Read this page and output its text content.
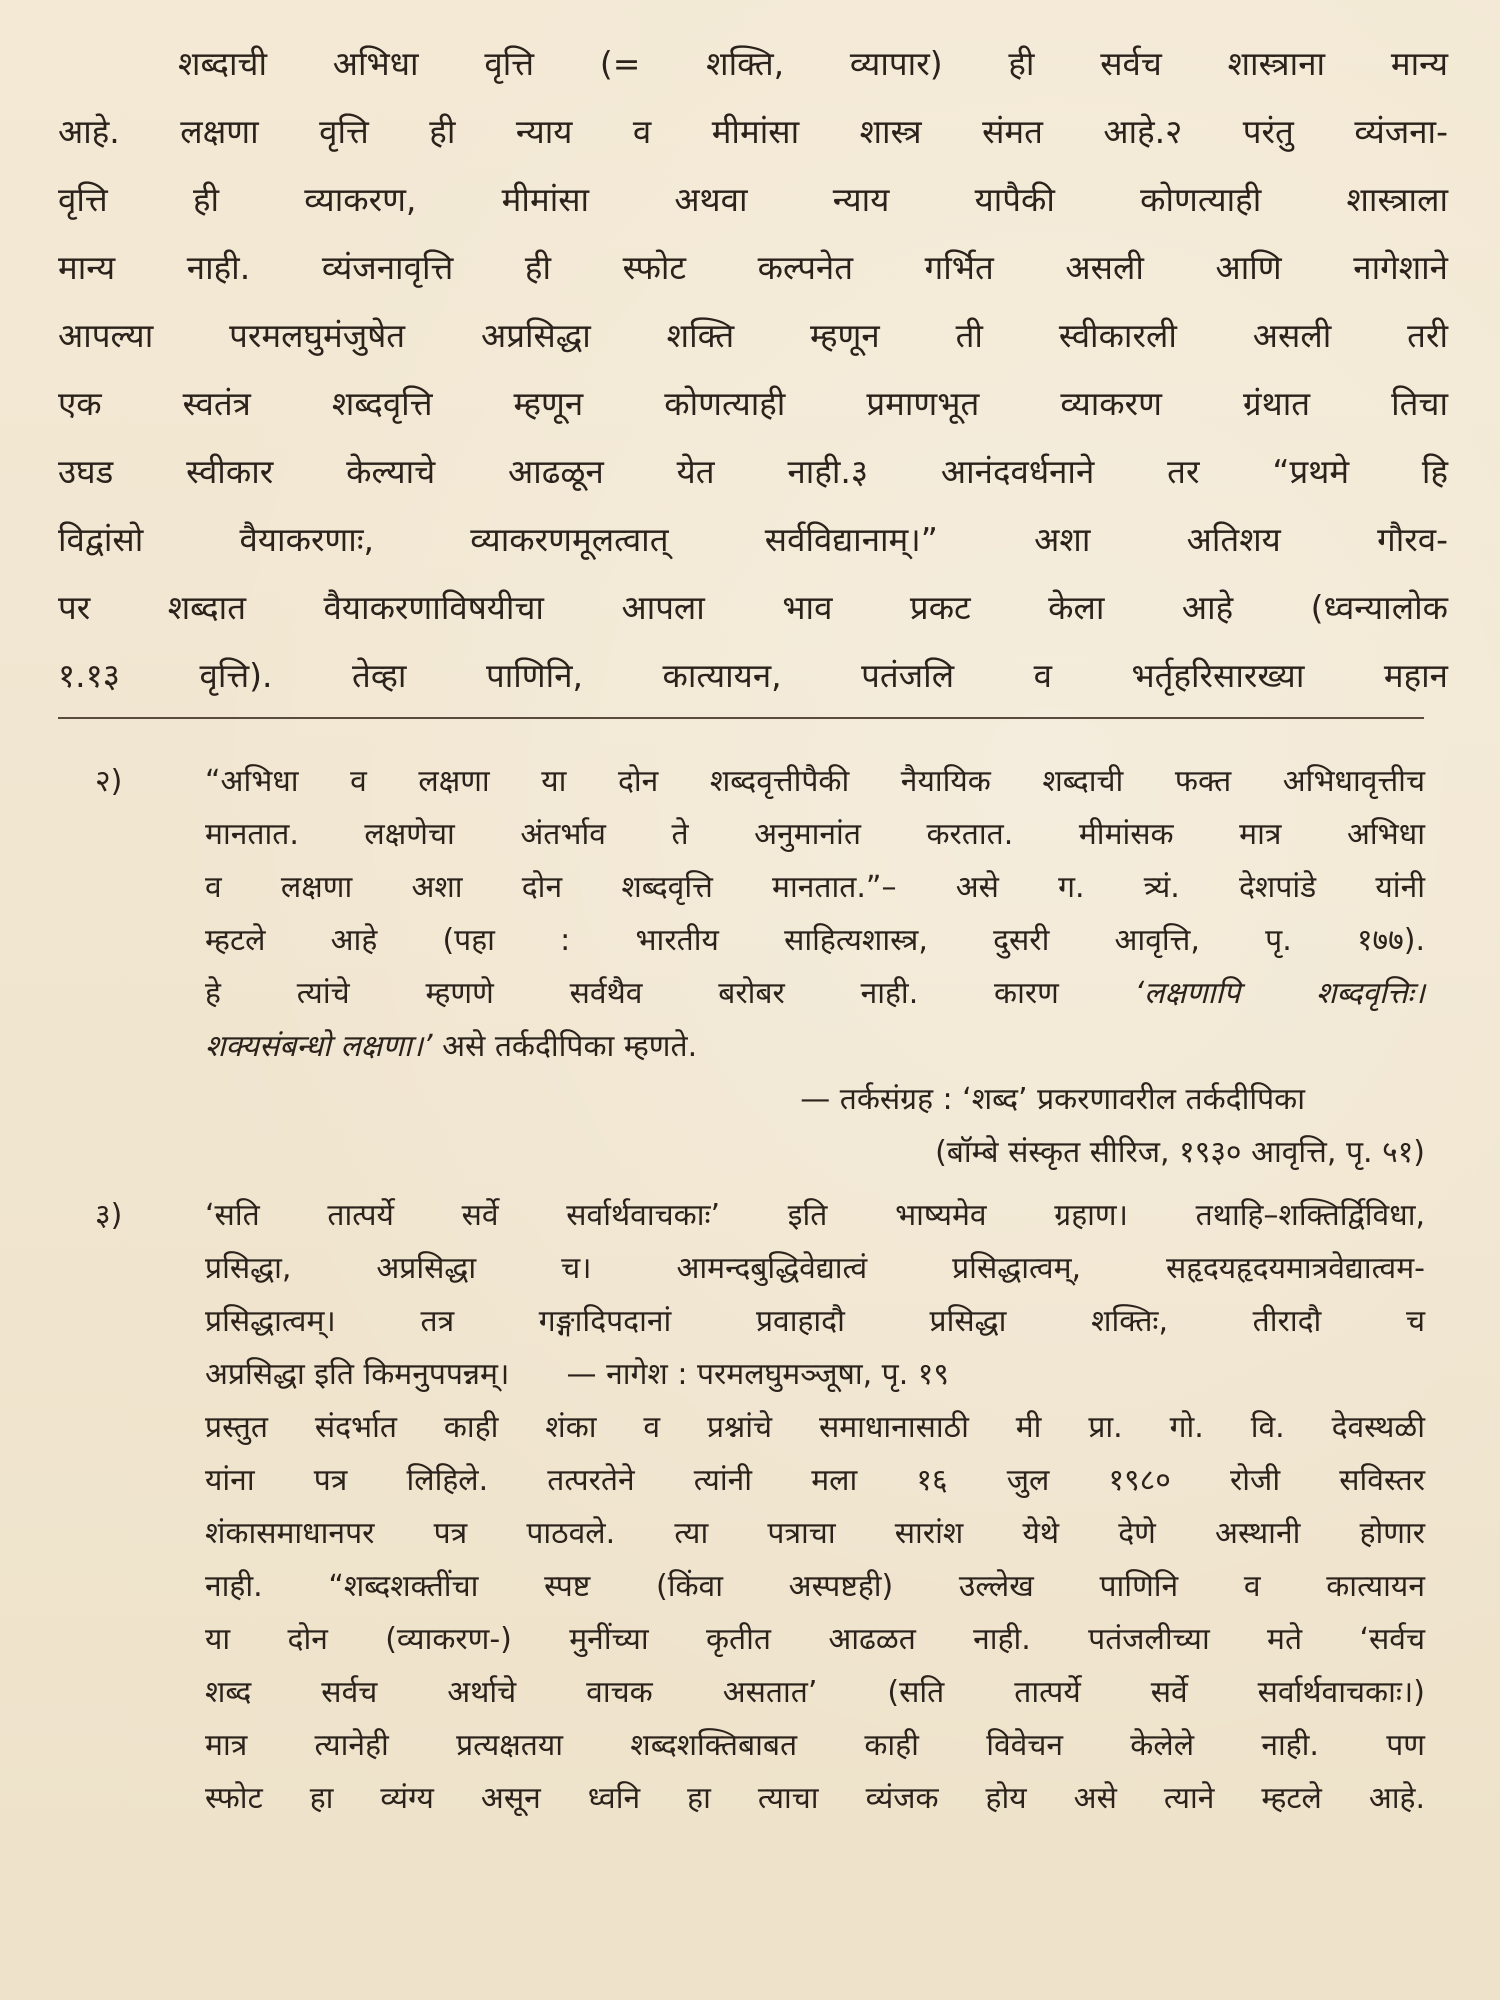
शब्दाची अभिधा वृत्ति (= शक्ति, व्यापार) ही सर्वच शास्त्राना मान्य
आहे. लक्षणा वृत्ति ही न्याय व मीमांसा शास्त्र संमत आहे.२ परंतु व्यंजना-
वृत्ति ही व्याकरण, मीमांसा अथवा न्याय यापैकी कोणत्याही शास्त्राला
मान्य नाही. व्यंजनावृत्ति ही स्फोट कल्पनेत गर्भित असली आणि नागेशाने
आपल्या परमलघुमंजुषेत अप्रसिद्धा शक्ति म्हणून ती स्वीकारली असली तरी
एक स्वतंत्र शब्दवृत्ति म्हणून कोणत्याही प्रमाणभूत व्याकरण ग्रंथात तिचा
उघड स्वीकार केल्याचे आढळून येत नाही.३ आनंदवर्धनाने तर “प्रथमे हि
विद्वांसो वैयाकरणाः, व्याकरणमूलत्वात् सर्वविद्यानाम्।” अशा अतिशय गौरव-
पर शब्दात वैयाकरणाविषयीचा आपला भाव प्रकट केला आहे (ध्वन्यालोक
१.१३ वृत्ति). तेव्हा पाणिनि, कात्यायन, पतंजलि व भर्तृहरिसारख्या महान
२)	“अभिधा व लक्षणा या दोन शब्दवृत्तीपैकी नैयायिक शब्दाची फक्त अभिधावृत्तीच
मानतात. लक्षणेचा अंतर्भाव ते अनुमानांत करतात. मीमांसक मात्र अभिधा
व लक्षणा अशा दोन शब्दवृत्ति मानतात.”– असे ग. त्र्यं. देशपांडे यांनी
म्हटले आहे (पहा : भारतीय साहित्यशास्त्र, दुसरी आवृत्ति, पृ. १७७).
हे त्यांचे म्हणणे सर्वथैव बरोबर नाही. कारण	‘लक्षणापि शब्दवृत्तिः।
शक्यसंबन्धो लक्षणा।’ असे तर्कदीपिका म्हणते.
— तर्कसंग्रह : ‘शब्द’ प्रकरणावरील तर्कदीपिका
(बॉम्बे संस्कृत सीरिज, १९३० आवृत्ति, पृ. ५१)
३)	‘सति तात्पर्ये सर्वे सर्वार्थवाचकाः’ इति भाष्यमेव ग्रहाण। तथाहि–शक्तिर्द्विविधा,
प्रसिद्धा, अप्रसिद्धा च। आमन्दबुद्धिवेद्यात्वं प्रसिद्धात्वम्, सहृदयहृदयमात्रवेद्यात्वम-
प्रसिद्धात्वम्। तत्र गङ्गादिपदानां प्रवाहादौ प्रसिद्धा शक्तिः, तीरादौ च
अप्रसिद्धा इति किमनुपपन्नम्।      — नागेश : परमलघुमञ्जूषा, पृ. १९
प्रस्तुत संदर्भात काही शंका व प्रश्नांचे समाधानासाठी मी प्रा. गो. वि. देवस्थळी
यांना पत्र लिहिले. तत्परतेने त्यांनी मला १६ जुल १९८० रोजी सविस्तर
शंकासमाधानपर पत्र पाठवले. त्या पत्राचा सारांश येथे देणे अस्थानी होणार
नाही. “शब्दशक्तींचा स्पष्ट (किंवा अस्पष्टही) उल्लेख पाणिनि व कात्यायन
या दोन (व्याकरण-) मुनींच्या कृतीत आढळत नाही. पतंजलीच्या मते ‘सर्वच
शब्द सर्वच अर्थाचे वाचक असतात’ (सति तात्पर्ये सर्वे सर्वार्थवाचकाः।)
मात्र त्यानेही प्रत्यक्षतया शब्दशक्तिबाबत काही विवेचन केलेले नाही. पण
स्फोट हा व्यंग्य असून ध्वनि हा त्याचा व्यंजक होय असे त्याने म्हटले आहे.
